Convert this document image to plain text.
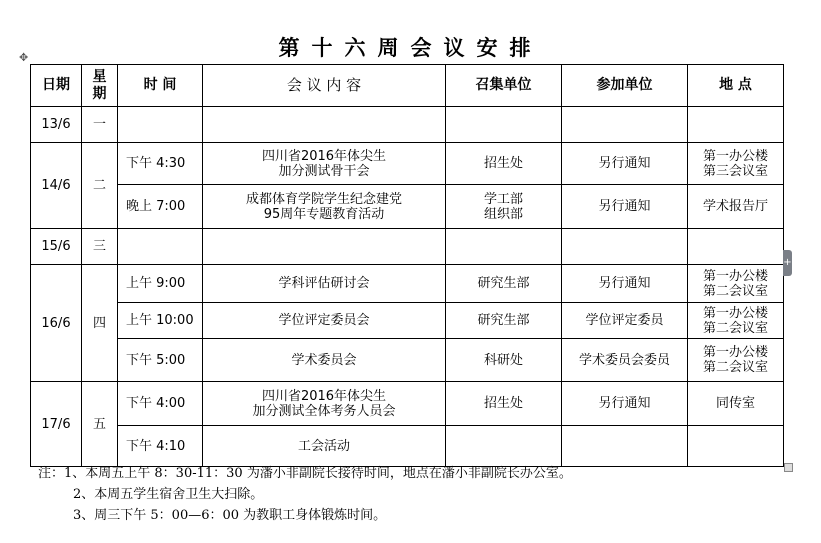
第十六周会议安排
✥
日期	星期	时 间	会 议 内 容	召集单位	参加单位	地 点
13/6	一					
14/6	二	下午 4:30	四川省2016年体尖生
加分测试骨干会	招生处	另行通知	第一办公楼
第三会议室
		晚上 7:00	成都体育学院学生纪念建党
95周年专题教育活动	学工部
组织部	另行通知	学术报告厅
15/6	三					
16/6	四	上午 9:00	学科评估研讨会	研究生部	另行通知	第一办公楼
第二会议室
		上午 10:00	学位评定委员会	研究生部	学位评定委员	第一办公楼
第二会议室
		下午 5:00	学术委员会	科研处	学术委员会委员	第一办公楼
第二会议室
17/6	五	下午 4:00	四川省2016年体尖生
加分测试全体考务人员会	招生处	另行通知	同传室
		下午 4:10	工会活动			
+
注：1、本周五上午 8：30-11：30 为潘小非副院长接待时间，地点在潘小非副院长办公室。
2、本周五学生宿舍卫生大扫除。
3、周三下午 5：00—6：00 为教职工身体锻炼时间。
